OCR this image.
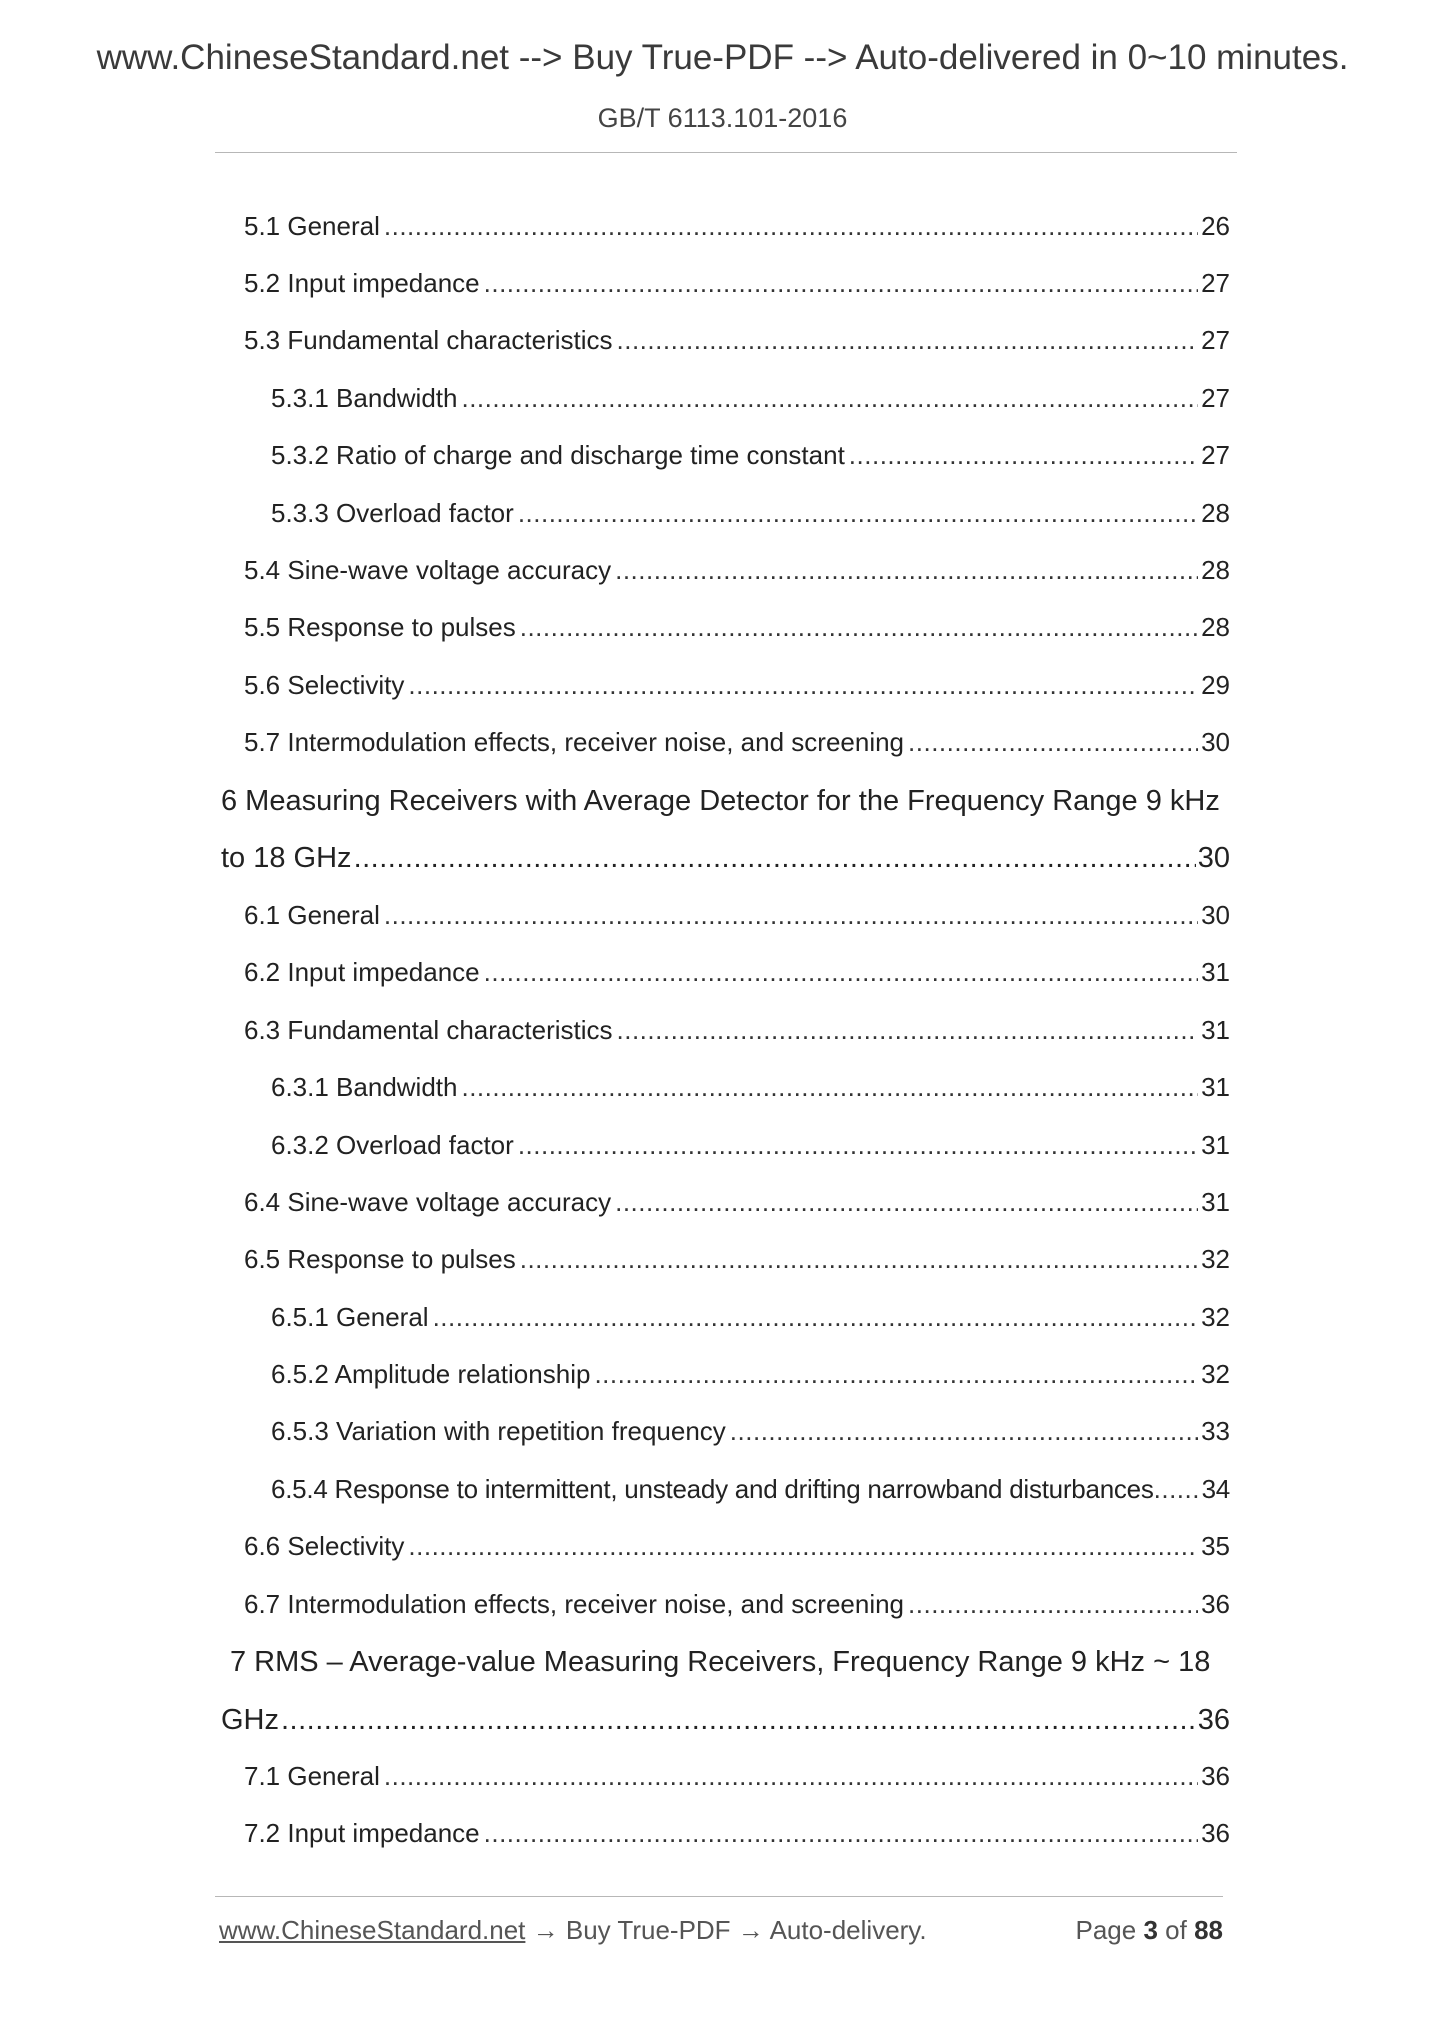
www.ChineseStandard.net --> Buy True-PDF --> Auto-delivered in 0~10 minutes.
GB/T 6113.101-2016
5.1 General .....	26
5.2 Input impedance .....	27
5.3 Fundamental characteristics .....	27
5.3.1 Bandwidth .....	27
5.3.2 Ratio of charge and discharge time constant .....	27
5.3.3 Overload factor .....	28
5.4 Sine-wave voltage accuracy .....	28
5.5 Response to pulses .....	28
5.6 Selectivity .....	29
5.7 Intermodulation effects, receiver noise, and screening .....	30
6 Measuring Receivers with Average Detector for the Frequency Range 9 kHz
to 18 GHz .....	30
6.1 General .....	30
6.2 Input impedance .....	31
6.3 Fundamental characteristics .....	31
6.3.1 Bandwidth .....	31
6.3.2 Overload factor .....	31
6.4 Sine-wave voltage accuracy .....	31
6.5 Response to pulses .....	32
6.5.1 General .....	32
6.5.2 Amplitude relationship .....	32
6.5.3 Variation with repetition frequency .....	33
6.5.4 Response to intermittent, unsteady and drifting narrowband disturbances ..... 34
6.6 Selectivity .....	35
6.7 Intermodulation effects, receiver noise, and screening .....	36
7 RMS – Average-value Measuring Receivers, Frequency Range 9 kHz ~ 18
GHz .....	36
7.1 General .....	36
7.2 Input impedance .....	36
www.ChineseStandard.net → Buy True-PDF → Auto-delivery.	Page 3 of 88
